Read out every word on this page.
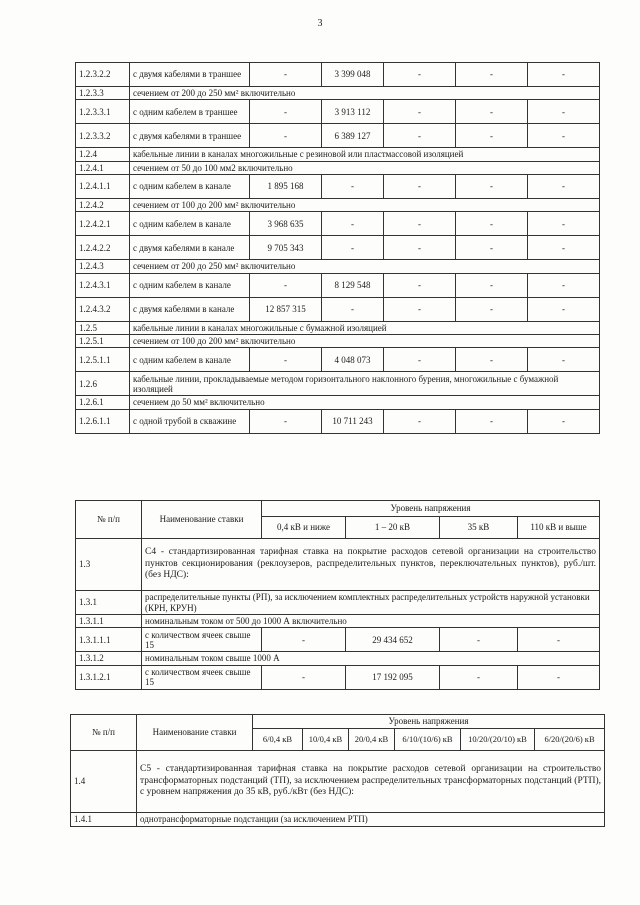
3
1.2.3.2.2	с двумя кабелями в траншее	-	3 399 048	-	-	-
1.2.3.3	сечением от 200 до 250 мм² включительно					
1.2.3.3.1	с одним кабелем в траншее	-	3 913 112	-	-	-
1.2.3.3.2	с двумя кабелями в траншее	-	6 389 127	-	-	-
1.2.4	кабельные линии в каналах многожильные с резиновой или пластмассовой изоляцией					
1.2.4.1	сечением от 50 до 100 мм2 включительно					
1.2.4.1.1	с одним кабелем в канале	1 895 168	-	-	-	-
1.2.4.2	сечением от 100 до 200 мм² включительно					
1.2.4.2.1	с одним кабелем в канале	3 968 635	-	-	-	-
1.2.4.2.2	с двумя кабелями в канале	9 705 343	-	-	-	-
1.2.4.3	сечением от 200 до 250 мм² включительно					
1.2.4.3.1	с одним кабелем в канале	-	8 129 548	-	-	-
1.2.4.3.2	с двумя кабелями в канале	12 857 315	-	-	-	-
1.2.5	кабельные линии в каналах многожильные с бумажной изоляцией					
1.2.5.1	сечением от 100 до 200 мм² включительно					
1.2.5.1.1	с одним кабелем в канале	-	4 048 073	-	-	-
1.2.6	кабельные линии, прокладываемые методом горизонтального наклонного бурения, многожильные с бумажной изоляцией					
1.2.6.1	сечением до 50 мм² включительно					
1.2.6.1.1	с одной трубой в скважине	-	10 711 243	-	-	-
№ п/п	Наименование ставки	Уровень напряжения			
		0,4 кВ и ниже	1 – 20 кВ	35 кВ	110 кВ и выше
1.3	С4 - стандартизированная тарифная ставка на покрытие расходов сетевой организации на строительство пунктов секционирования (реклоузеров, распределительных пунктов, переключательных пунктов), руб./шт. (без НДС):				
1.3.1	распределительные пункты (РП), за исключением комплектных распределительных устройств наружной установки (КРН, КРУН)				
1.3.1.1	номинальным током от 500 до 1000 А включительно				
1.3.1.1.1	с количеством ячеек свыше 15	-	29 434 652	-	-
1.3.1.2	номинальным током свыше 1000 А				
1.3.1.2.1	с количеством ячеек свыше 15	-	17 192 095	-	-
№ п/п	Наименование ставки	Уровень напряжения					
		6/0,4 кВ	10/0,4 кВ	20/0,4 кВ	6/10/(10/6) кВ	10/20/(20/10) кВ	6/20/(20/6) кВ
1.4	С5 - стандартизированная тарифная ставка на покрытие расходов сетевой организации на строительство трансформаторных подстанций (ТП), за исключением распределительных трансформаторных подстанций (РТП), с уровнем напряжения до 35 кВ, руб./кВт (без НДС):						
1.4.1	однотрансформаторные подстанции (за исключением РТП)						
